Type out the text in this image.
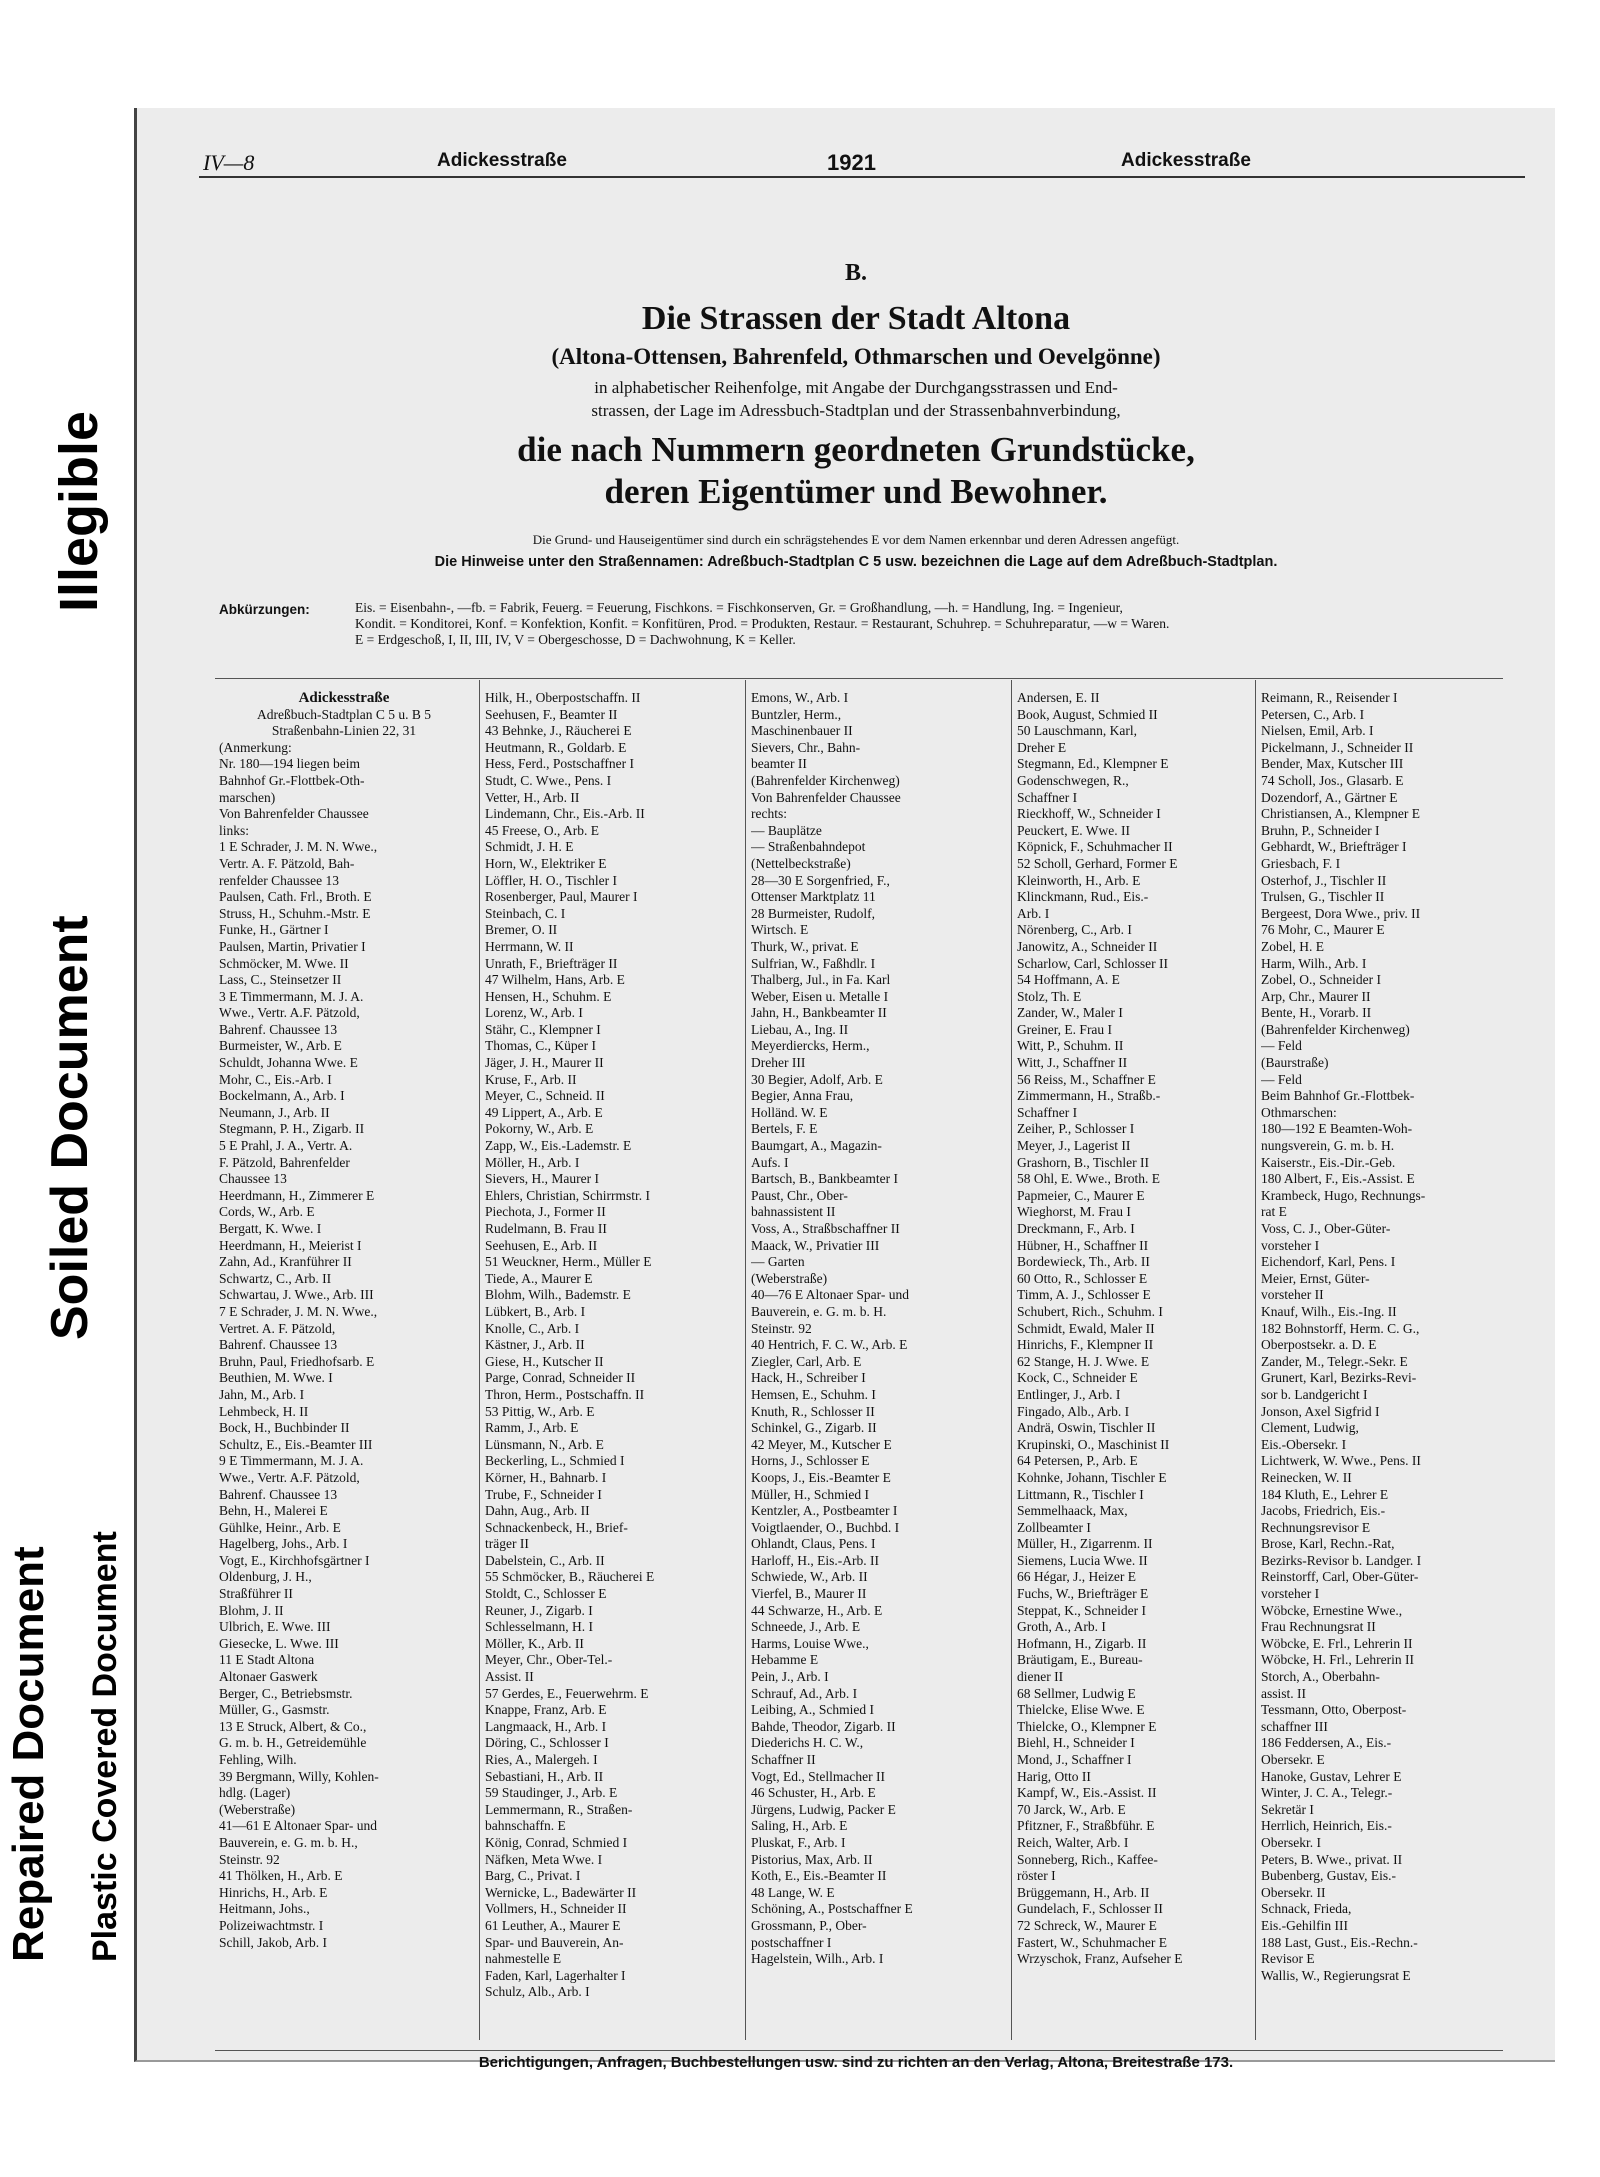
Illegible
Soiled Document
Repaired Document Plastic Covered Document
IV—8	Adickesstraße	1921	Adickesstraße
B.
Die Strassen der Stadt Altona
(Altona-Ottensen, Bahrenfeld, Othmarschen und Oevelgönne)
in alphabetischer Reihenfolge, mit Angabe der Durchgangsstrassen und End-
strassen, der Lage im Adressbuch-Stadtplan und der Strassenbahnverbindung,
die nach Nummern geordneten Grundstücke,
deren Eigentümer und Bewohner.
Die Grund- und Hauseigentümer sind durch ein schrägstehendes E vor dem Namen erkennbar und deren Adressen angefügt.
Die Hinweise unter den Straßennamen: Adreßbuch-Stadtplan C 5 usw. bezeichnen die Lage auf dem Adreßbuch-Stadtplan.
Abkürzungen:	Eis. = Eisenbahn-, —fb. = Fabrik, Feuerg. = Feuerung, Fischkons. = Fischkonserven, Gr. = Großhandlung, —h. = Handlung, Ing. = Ingenieur,
Kondit. = Konditorei, Konf. = Konfektion, Konfit. = Konfitüren, Prod. = Produkten, Restaur. = Restaurant, Schuhrep. = Schuhreparatur, —w = Waren.
E = Erdgeschoß, I, II, III, IV, V = Obergeschosse, D = Dachwohnung, K = Keller.
Adickesstraße
Adreßbuch-Stadtplan C 5 u. B 5
Straßenbahn-Linien 22, 31
(Anmerkung:
Nr. 180—194 liegen beim
Bahnhof Gr.-Flottbek-Oth-
marschen)
Von Bahrenfelder Chaussee
links:
1 E Schrader, J. M. N. Wwe.,
Vertr. A. F. Pätzold, Bah-
renfelder Chaussee 13
Paulsen, Cath. Frl., Broth. E
Struss, H., Schuhm.-Mstr. E
Funke, H., Gärtner I
Paulsen, Martin, Privatier I
Schmöcker, M. Wwe. II
Lass, C., Steinsetzer II
3 E Timmermann, M. J. A.
Wwe., Vertr. A.F. Pätzold,
Bahrenf. Chaussee 13
Burmeister, W., Arb. E
Schuldt, Johanna Wwe. E
Mohr, C., Eis.-Arb. I
Bockelmann, A., Arb. I
Neumann, J., Arb. II
Stegmann, P. H., Zigarb. II
5 E Prahl, J. A., Vertr. A.
F. Pätzold, Bahrenfelder
Chaussee 13
Heerdmann, H., Zimmerer E
Cords, W., Arb. E
Bergatt, K. Wwe. I
Heerdmann, H., Meierist I
Zahn, Ad., Kranführer II
Schwartz, C., Arb. II
Schwartau, J. Wwe., Arb. III
7 E Schrader, J. M. N. Wwe.,
Vertret. A. F. Pätzold,
Bahrenf. Chaussee 13
Bruhn, Paul, Friedhofsarb. E
Beuthien, M. Wwe. I
Jahn, M., Arb. I
Lehmbeck, H. II
Bock, H., Buchbinder II
Schultz, E., Eis.-Beamter III
9 E Timmermann, M. J. A.
Wwe., Vertr. A.F. Pätzold,
Bahrenf. Chaussee 13
Behn, H., Malerei E
Gühlke, Heinr., Arb. E
Hagelberg, Johs., Arb. I
Vogt, E., Kirchhofsgärtner I
Oldenburg, J. H.,
Straßführer II
Blohm, J. II
Ulbrich, E. Wwe. III
Giesecke, L. Wwe. III
11 E Stadt Altona
Altonaer Gaswerk
Berger, C., Betriebsmstr.
Müller, G., Gasmstr.
13 E Struck, Albert, & Co.,
G. m. b. H., Getreidemühle
Fehling, Wilh.
39 Bergmann, Willy, Kohlen-
hdlg. (Lager)
(Weberstraße)
41—61 E Altonaer Spar- und
Bauverein, e. G. m. b. H.,
Steinstr. 92
41 Thölken, H., Arb. E
Hinrichs, H., Arb. E
Heitmann, Johs.,
Polizeiwachtmstr. I
Schill, Jakob, Arb. I
Hilk, H., Oberpostschaffn. II
Seehusen, F., Beamter II
43 Behnke, J., Räucherei E
Heutmann, R., Goldarb. E
Hess, Ferd., Postschaffner I
Studt, C. Wwe., Pens. I
Vetter, H., Arb. II
Lindemann, Chr., Eis.-Arb. II
45 Freese, O., Arb. E
Schmidt, J. H. E
Horn, W., Elektriker E
Löffler, H. O., Tischler I
Rosenberger, Paul, Maurer I
Steinbach, C. I
Bremer, O. II
Herrmann, W. II
Unrath, F., Briefträger II
47 Wilhelm, Hans, Arb. E
Hensen, H., Schuhm. E
Lorenz, W., Arb. I
Stähr, C., Klempner I
Thomas, C., Küper I
Jäger, J. H., Maurer II
Kruse, F., Arb. II
Meyer, C., Schneid. II
49 Lippert, A., Arb. E
Pokorny, W., Arb. E
Zapp, W., Eis.-Lademstr. E
Möller, H., Arb. I
Sievers, H., Maurer I
Ehlers, Christian, Schirrmstr. I
Piechota, J., Former II
Rudelmann, B. Frau II
Seehusen, E., Arb. II
51 Weuckner, Herm., Müller E
Tiede, A., Maurer E
Blohm, Wilh., Bademstr. E
Lübkert, B., Arb. I
Knolle, C., Arb. I
Kästner, J., Arb. II
Giese, H., Kutscher II
Parge, Conrad, Schneider II
Thron, Herm., Postschaffn. II
53 Pittig, W., Arb. E
Ramm, J., Arb. E
Lünsmann, N., Arb. E
Beckerling, L., Schmied I
Körner, H., Bahnarb. I
Trube, F., Schneider I
Dahn, Aug., Arb. II
Schnackenbeck, H., Brief-
träger II
Dabelstein, C., Arb. II
55 Schmöcker, B., Räucherei E
Stoldt, C., Schlosser E
Reuner, J., Zigarb. I
Schlesselmann, H. I
Möller, K., Arb. II
Meyer, Chr., Ober-Tel.-
Assist. II
57 Gerdes, E., Feuerwehrm. E
Knappe, Franz, Arb. E
Langmaack, H., Arb. I
Döring, C., Schlosser I
Ries, A., Malergeh. I
Sebastiani, H., Arb. II
59 Staudinger, J., Arb. E
Lemmermann, R., Straßen-
bahnschaffn. E
König, Conrad, Schmied I
Näfken, Meta Wwe. I
Barg, C., Privat. I
Wernicke, L., Badewärter II
Vollmers, H., Schneider II
61 Leuther, A., Maurer E
Spar- und Bauverein, An-
nahmestelle E
Faden, Karl, Lagerhalter I
Schulz, Alb., Arb. I
Emons, W., Arb. I
Buntzler, Herm.,
Maschinenbauer II
Sievers, Chr., Bahn-
beamter II
(Bahrenfelder Kirchenweg)
Von Bahrenfelder Chaussee
rechts:
— Bauplätze
— Straßenbahndepot
(Nettelbeckstraße)
28—30 E Sorgenfried, F.,
Ottenser Marktplatz 11
28 Burmeister, Rudolf,
Wirtsch. E
Thurk, W., privat. E
Sulfrian, W., Faßhdlr. I
Thalberg, Jul., in Fa. Karl
Weber, Eisen u. Metalle I
Jahn, H., Bankbeamter II
Liebau, A., Ing. II
Meyerdiercks, Herm.,
Dreher III
30 Begier, Adolf, Arb. E
Begier, Anna Frau,
Holländ. W. E
Bertels, F. E
Baumgart, A., Magazin-
Aufs. I
Bartsch, B., Bankbeamter I
Paust, Chr., Ober-
bahnassistent II
Voss, A., Straßbschaffner II
Maack, W., Privatier III
— Garten
(Weberstraße)
40—76 E Altonaer Spar- und
Bauverein, e. G. m. b. H.
Steinstr. 92
40 Hentrich, F. C. W., Arb. E
Ziegler, Carl, Arb. E
Hack, H., Schreiber I
Hemsen, E., Schuhm. I
Knuth, R., Schlosser II
Schinkel, G., Zigarb. II
42 Meyer, M., Kutscher E
Horns, J., Schlosser E
Koops, J., Eis.-Beamter E
Müller, H., Schmied I
Kentzler, A., Postbeamter I
Voigtlaender, O., Buchbd. I
Ohlandt, Claus, Pens. I
Harloff, H., Eis.-Arb. II
Schwiede, W., Arb. II
Vierfel, B., Maurer II
44 Schwarze, H., Arb. E
Schneede, J., Arb. E
Harms, Louise Wwe.,
Hebamme E
Pein, J., Arb. I
Schrauf, Ad., Arb. I
Leibing, A., Schmied I
Bahde, Theodor, Zigarb. II
Diederichs H. C. W.,
Schaffner II
Vogt, Ed., Stellmacher II
46 Schuster, H., Arb. E
Jürgens, Ludwig, Packer E
Saling, H., Arb. E
Pluskat, F., Arb. I
Pistorius, Max, Arb. II
Koth, E., Eis.-Beamter II
48 Lange, W. E
Schöning, A., Postschaffner E
Grossmann, P., Ober-
postschaffner I
Hagelstein, Wilh., Arb. I
Andersen, E. II
Book, August, Schmied II
50 Lauschmann, Karl,
Dreher E
Stegmann, Ed., Klempner E
Godenschwegen, R.,
Schaffner I
Rieckhoff, W., Schneider I
Peuckert, E. Wwe. II
Köpnick, F., Schuhmacher II
52 Scholl, Gerhard, Former E
Kleinworth, H., Arb. E
Klinckmann, Rud., Eis.-
Arb. I
Nörenberg, C., Arb. I
Janowitz, A., Schneider II
Scharlow, Carl, Schlosser II
54 Hoffmann, A. E
Stolz, Th. E
Zander, W., Maler I
Greiner, E. Frau I
Witt, P., Schuhm. II
Witt, J., Schaffner II
56 Reiss, M., Schaffner E
Zimmermann, H., Straßb.-
Schaffner I
Zeiher, P., Schlosser I
Meyer, J., Lagerist II
Grashorn, B., Tischler II
58 Ohl, E. Wwe., Broth. E
Papmeier, C., Maurer E
Wieghorst, M. Frau I
Dreckmann, F., Arb. I
Hübner, H., Schaffner II
Bordewieck, Th., Arb. II
60 Otto, R., Schlosser E
Timm, A. J., Schlosser E
Schubert, Rich., Schuhm. I
Schmidt, Ewald, Maler II
Hinrichs, F., Klempner II
62 Stange, H. J. Wwe. E
Kock, C., Schneider E
Entlinger, J., Arb. I
Fingado, Alb., Arb. I
Andrä, Oswin, Tischler II
Krupinski, O., Maschinist II
64 Petersen, P., Arb. E
Kohnke, Johann, Tischler E
Littmann, R., Tischler I
Semmelhaack, Max,
Zollbeamter I
Müller, H., Zigarrenm. II
Siemens, Lucia Wwe. II
66 Hégar, J., Heizer E
Fuchs, W., Briefträger E
Steppat, K., Schneider I
Groth, A., Arb. I
Hofmann, H., Zigarb. II
Bräutigam, E., Bureau-
diener II
68 Sellmer, Ludwig E
Thielcke, Elise Wwe. E
Thielcke, O., Klempner E
Biehl, H., Schneider I
Mond, J., Schaffner I
Harig, Otto II
Kampf, W., Eis.-Assist. II
70 Jarck, W., Arb. E
Pfitzner, F., Straßbführ. E
Reich, Walter, Arb. I
Sonneberg, Rich., Kaffee-
röster I
Brüggemann, H., Arb. II
Gundelach, F., Schlosser II
72 Schreck, W., Maurer E
Fastert, W., Schuhmacher E
Wrzyschok, Franz, Aufseher E
Reimann, R., Reisender I
Petersen, C., Arb. I
Nielsen, Emil, Arb. I
Pickelmann, J., Schneider II
Bender, Max, Kutscher III
74 Scholl, Jos., Glasarb. E
Dozendorf, A., Gärtner E
Christiansen, A., Klempner E
Bruhn, P., Schneider I
Gebhardt, W., Briefträger I
Griesbach, F. I
Osterhof, J., Tischler II
Trulsen, G., Tischler II
Bergeest, Dora Wwe., priv. II
76 Mohr, C., Maurer E
Zobel, H. E
Harm, Wilh., Arb. I
Zobel, O., Schneider I
Arp, Chr., Maurer II
Bente, H., Vorarb. II
(Bahrenfelder Kirchenweg)
— Feld
(Baurstraße)
— Feld
Beim Bahnhof Gr.-Flottbek-
Othmarschen:
180—192 E Beamten-Woh-
nungsverein, G. m. b. H.
Kaiserstr., Eis.-Dir.-Geb.
180 Albert, F., Eis.-Assist. E
Krambeck, Hugo, Rechnungs-
rat E
Voss, C. J., Ober-Güter-
vorsteher I
Eichendorf, Karl, Pens. I
Meier, Ernst, Güter-
vorsteher II
Knauf, Wilh., Eis.-Ing. II
182 Bohnstorff, Herm. C. G.,
Oberpostsekr. a. D. E
Zander, M., Telegr.-Sekr. E
Grunert, Karl, Bezirks-Revi-
sor b. Landgericht I
Jonson, Axel Sigfrid I
Clement, Ludwig,
Eis.-Obersekr. I
Lichtwerk, W. Wwe., Pens. II
Reinecken, W. II
184 Kluth, E., Lehrer E
Jacobs, Friedrich, Eis.-
Rechnungsrevisor E
Brose, Karl, Rechn.-Rat,
Bezirks-Revisor b. Landger. I
Reinstorff, Carl, Ober-Güter-
vorsteher I
Wöbcke, Ernestine Wwe.,
Frau Rechnungsrat II
Wöbcke, E. Frl., Lehrerin II
Wöbcke, H. Frl., Lehrerin II
Storch, A., Oberbahn-
assist. II
Tessmann, Otto, Oberpost-
schaffner III
186 Feddersen, A., Eis.-
Obersekr. E
Hanoke, Gustav, Lehrer E
Winter, J. C. A., Telegr.-
Sekretär I
Herrlich, Heinrich, Eis.-
Obersekr. I
Peters, B. Wwe., privat. II
Bubenberg, Gustav, Eis.-
Obersekr. II
Schnack, Frieda,
Eis.-Gehilfin III
188 Last, Gust., Eis.-Rechn.-
Revisor E
Wallis, W., Regierungsrat E
Berichtigungen, Anfragen, Buchbestellungen usw. sind zu richten an den Verlag, Altona, Breitestraße 173.
